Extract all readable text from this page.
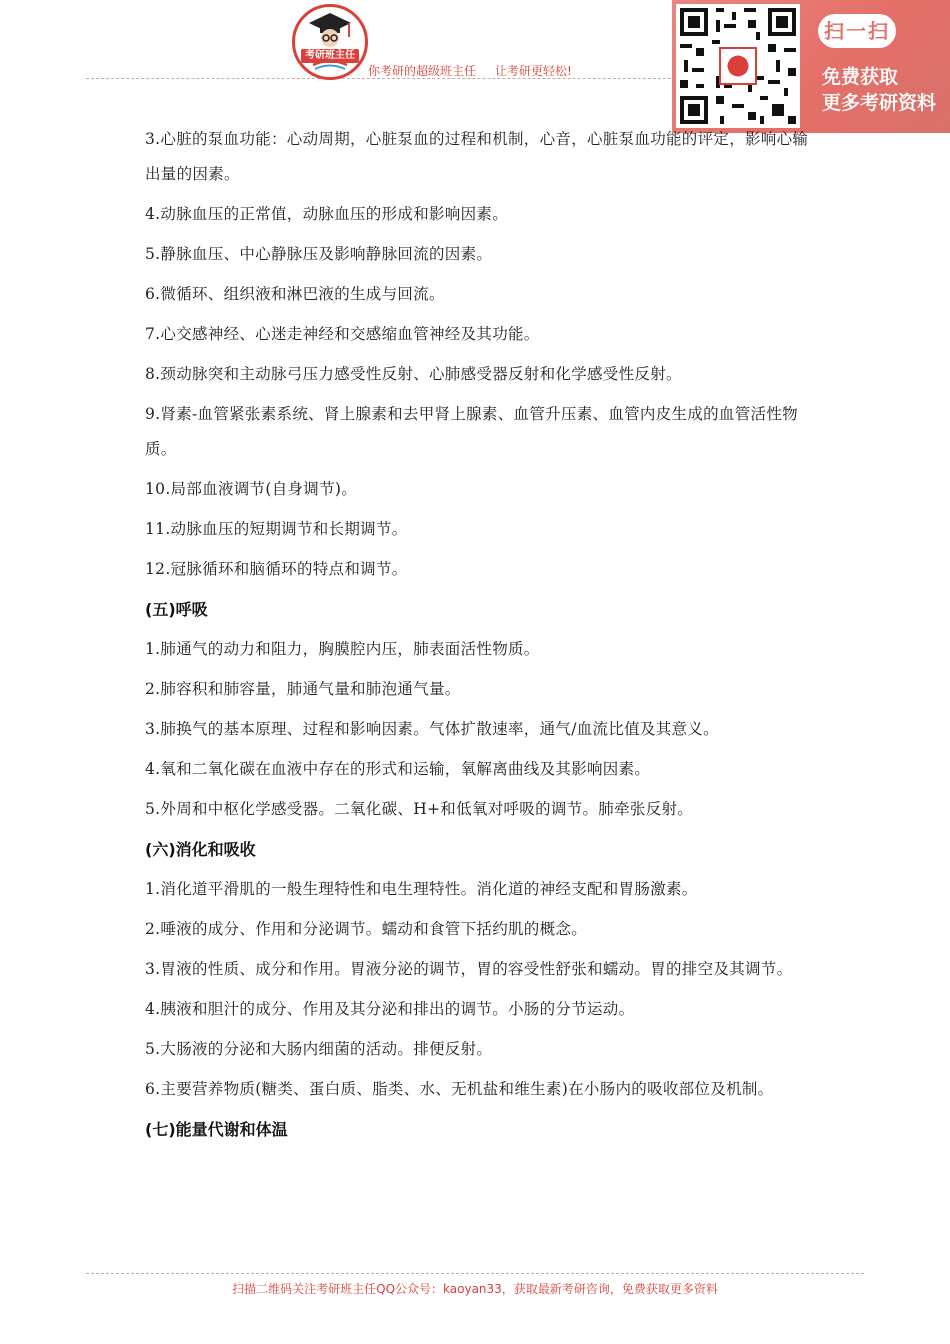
考研班主任
你考研的超级班主任 让考研更轻松!
扫一扫
免费获取
更多考研资料
3.心脏的泵血功能：心动周期，心脏泵血的过程和机制，心音，心脏泵血功能的评定，影响心输出量的因素。
4.动脉血压的正常值，动脉血压的形成和影响因素。
5.静脉血压、中心静脉压及影响静脉回流的因素。
6.微循环、组织液和淋巴液的生成与回流。
7.心交感神经、心迷走神经和交感缩血管神经及其功能。
8.颈动脉突和主动脉弓压力感受性反射、心肺感受器反射和化学感受性反射。
9.肾素-血管紧张素系统、肾上腺素和去甲肾上腺素、血管升压素、血管内皮生成的血管活性物质。
10.局部血液调节(自身调节)。
11.动脉血压的短期调节和长期调节。
12.冠脉循环和脑循环的特点和调节。
(五)呼吸
1.肺通气的动力和阻力，胸膜腔内压，肺表面活性物质。
2.肺容积和肺容量，肺通气量和肺泡通气量。
3.肺换气的基本原理、过程和影响因素。气体扩散速率，通气/血流比值及其意义。
4.氧和二氧化碳在血液中存在的形式和运输，氧解离曲线及其影响因素。
5.外周和中枢化学感受器。二氧化碳、H+和低氧对呼吸的调节。肺牵张反射。
(六)消化和吸收
1.消化道平滑肌的一般生理特性和电生理特性。消化道的神经支配和胃肠激素。
2.唾液的成分、作用和分泌调节。蠕动和食管下括约肌的概念。
3.胃液的性质、成分和作用。胃液分泌的调节，胃的容受性舒张和蠕动。胃的排空及其调节。
4.胰液和胆汁的成分、作用及其分泌和排出的调节。小肠的分节运动。
5.大肠液的分泌和大肠内细菌的活动。排便反射。
6.主要营养物质(糖类、蛋白质、脂类、水、无机盐和维生素)在小肠内的吸收部位及机制。
(七)能量代谢和体温
扫描二维码关注考研班主任QQ公众号：kaoyan33，获取最新考研咨询，免费获取更多资料
